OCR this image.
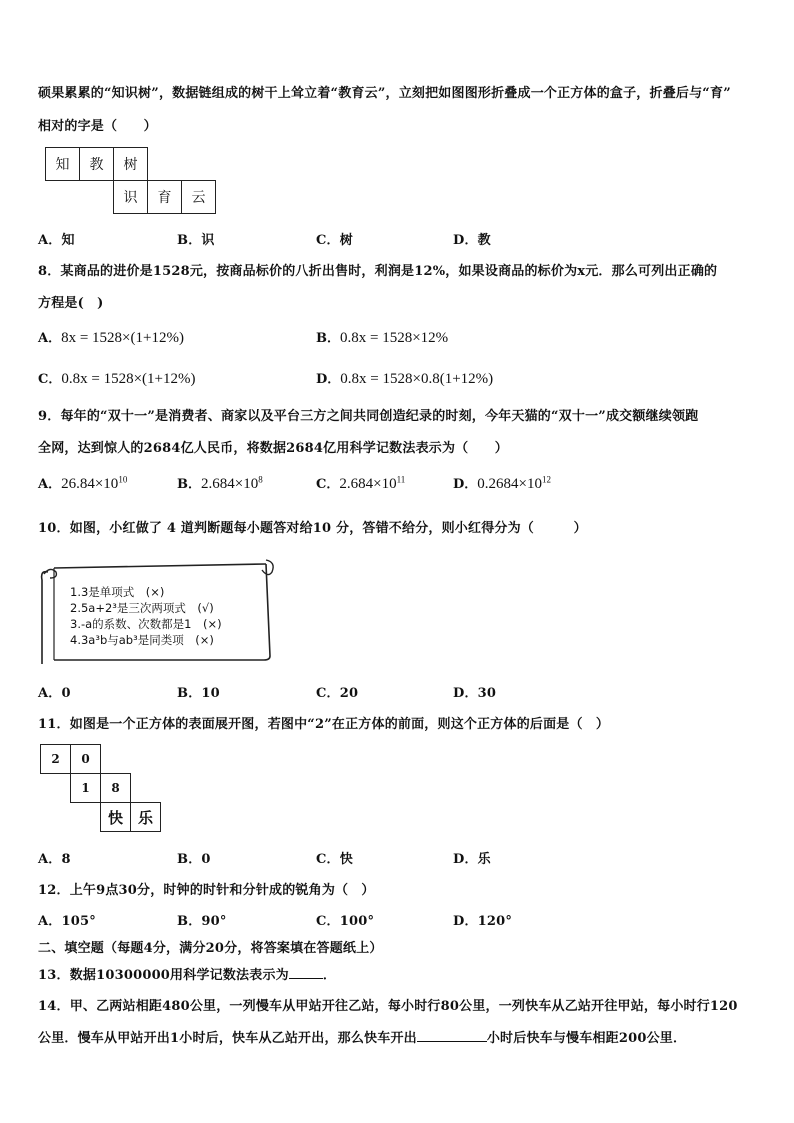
硕果累累的“知识树”，数据链组成的树干上耸立着“教育云”，立刻把如图图形折叠成一个正方体的盒子，折叠后与“育”
相对的字是（　　）
知	教	树
识	育	云
A．知	B．识	C．树	D．教
8．某商品的进价是1528元，按商品标价的八折出售时，利润是12%，如果设商品的标价为x元．那么可列出正确的
方程是(　)
A．8x = 1528×(1+12%)	B．0.8x = 1528×12%
C．0.8x = 1528×(1+12%)	D．0.8x = 1528×0.8(1+12%)
9．每年的“双十一”是消费者、商家以及平台三方之间共同创造纪录的时刻，今年天猫的“双十一”成交额继续领跑
全网，达到惊人的2684亿人民币，将数据2684亿用科学记数法表示为（　　）
A．$26.84\times 10^{10}$	B．$2.684\times 10^8$	C．$2.684\times 10^{11}$	D．$0.2684\times 10^{12}$
10．如图，小红做了 4 道判断题每小题答对给10 分，答错不给分，则小红得分为（　　　）
1.3是单项式　(×)
2.5a+2³是三次两项式　(√)
3.-a的系数、次数都是1　(×)
4.3a³b与ab³是同类项　(×)
A．0	B．10	C．20	D．30
11．如图是一个正方体的表面展开图，若图中“2”在正方体的前面，则这个正方体的后面是（　）
2	0
1	8
快 乐
A．8	B．0	C．快	D．乐
12．上午9点30分，时钟的时针和分针成的锐角为（　）
A．105°	B．90°	C．100°	D．120°
二、填空题（每题4分，满分20分，将答案填在答题纸上）
13．数据10300000用科学记数法表示为	．
14．甲、乙两站相距480公里，一列慢车从甲站开往乙站，每小时行80公里，一列快车从乙站开往甲站，每小时行120
公里．慢车从甲站开出1小时后，快车从乙站开出，那么快车开出	小时后快车与慢车相距200公里．
